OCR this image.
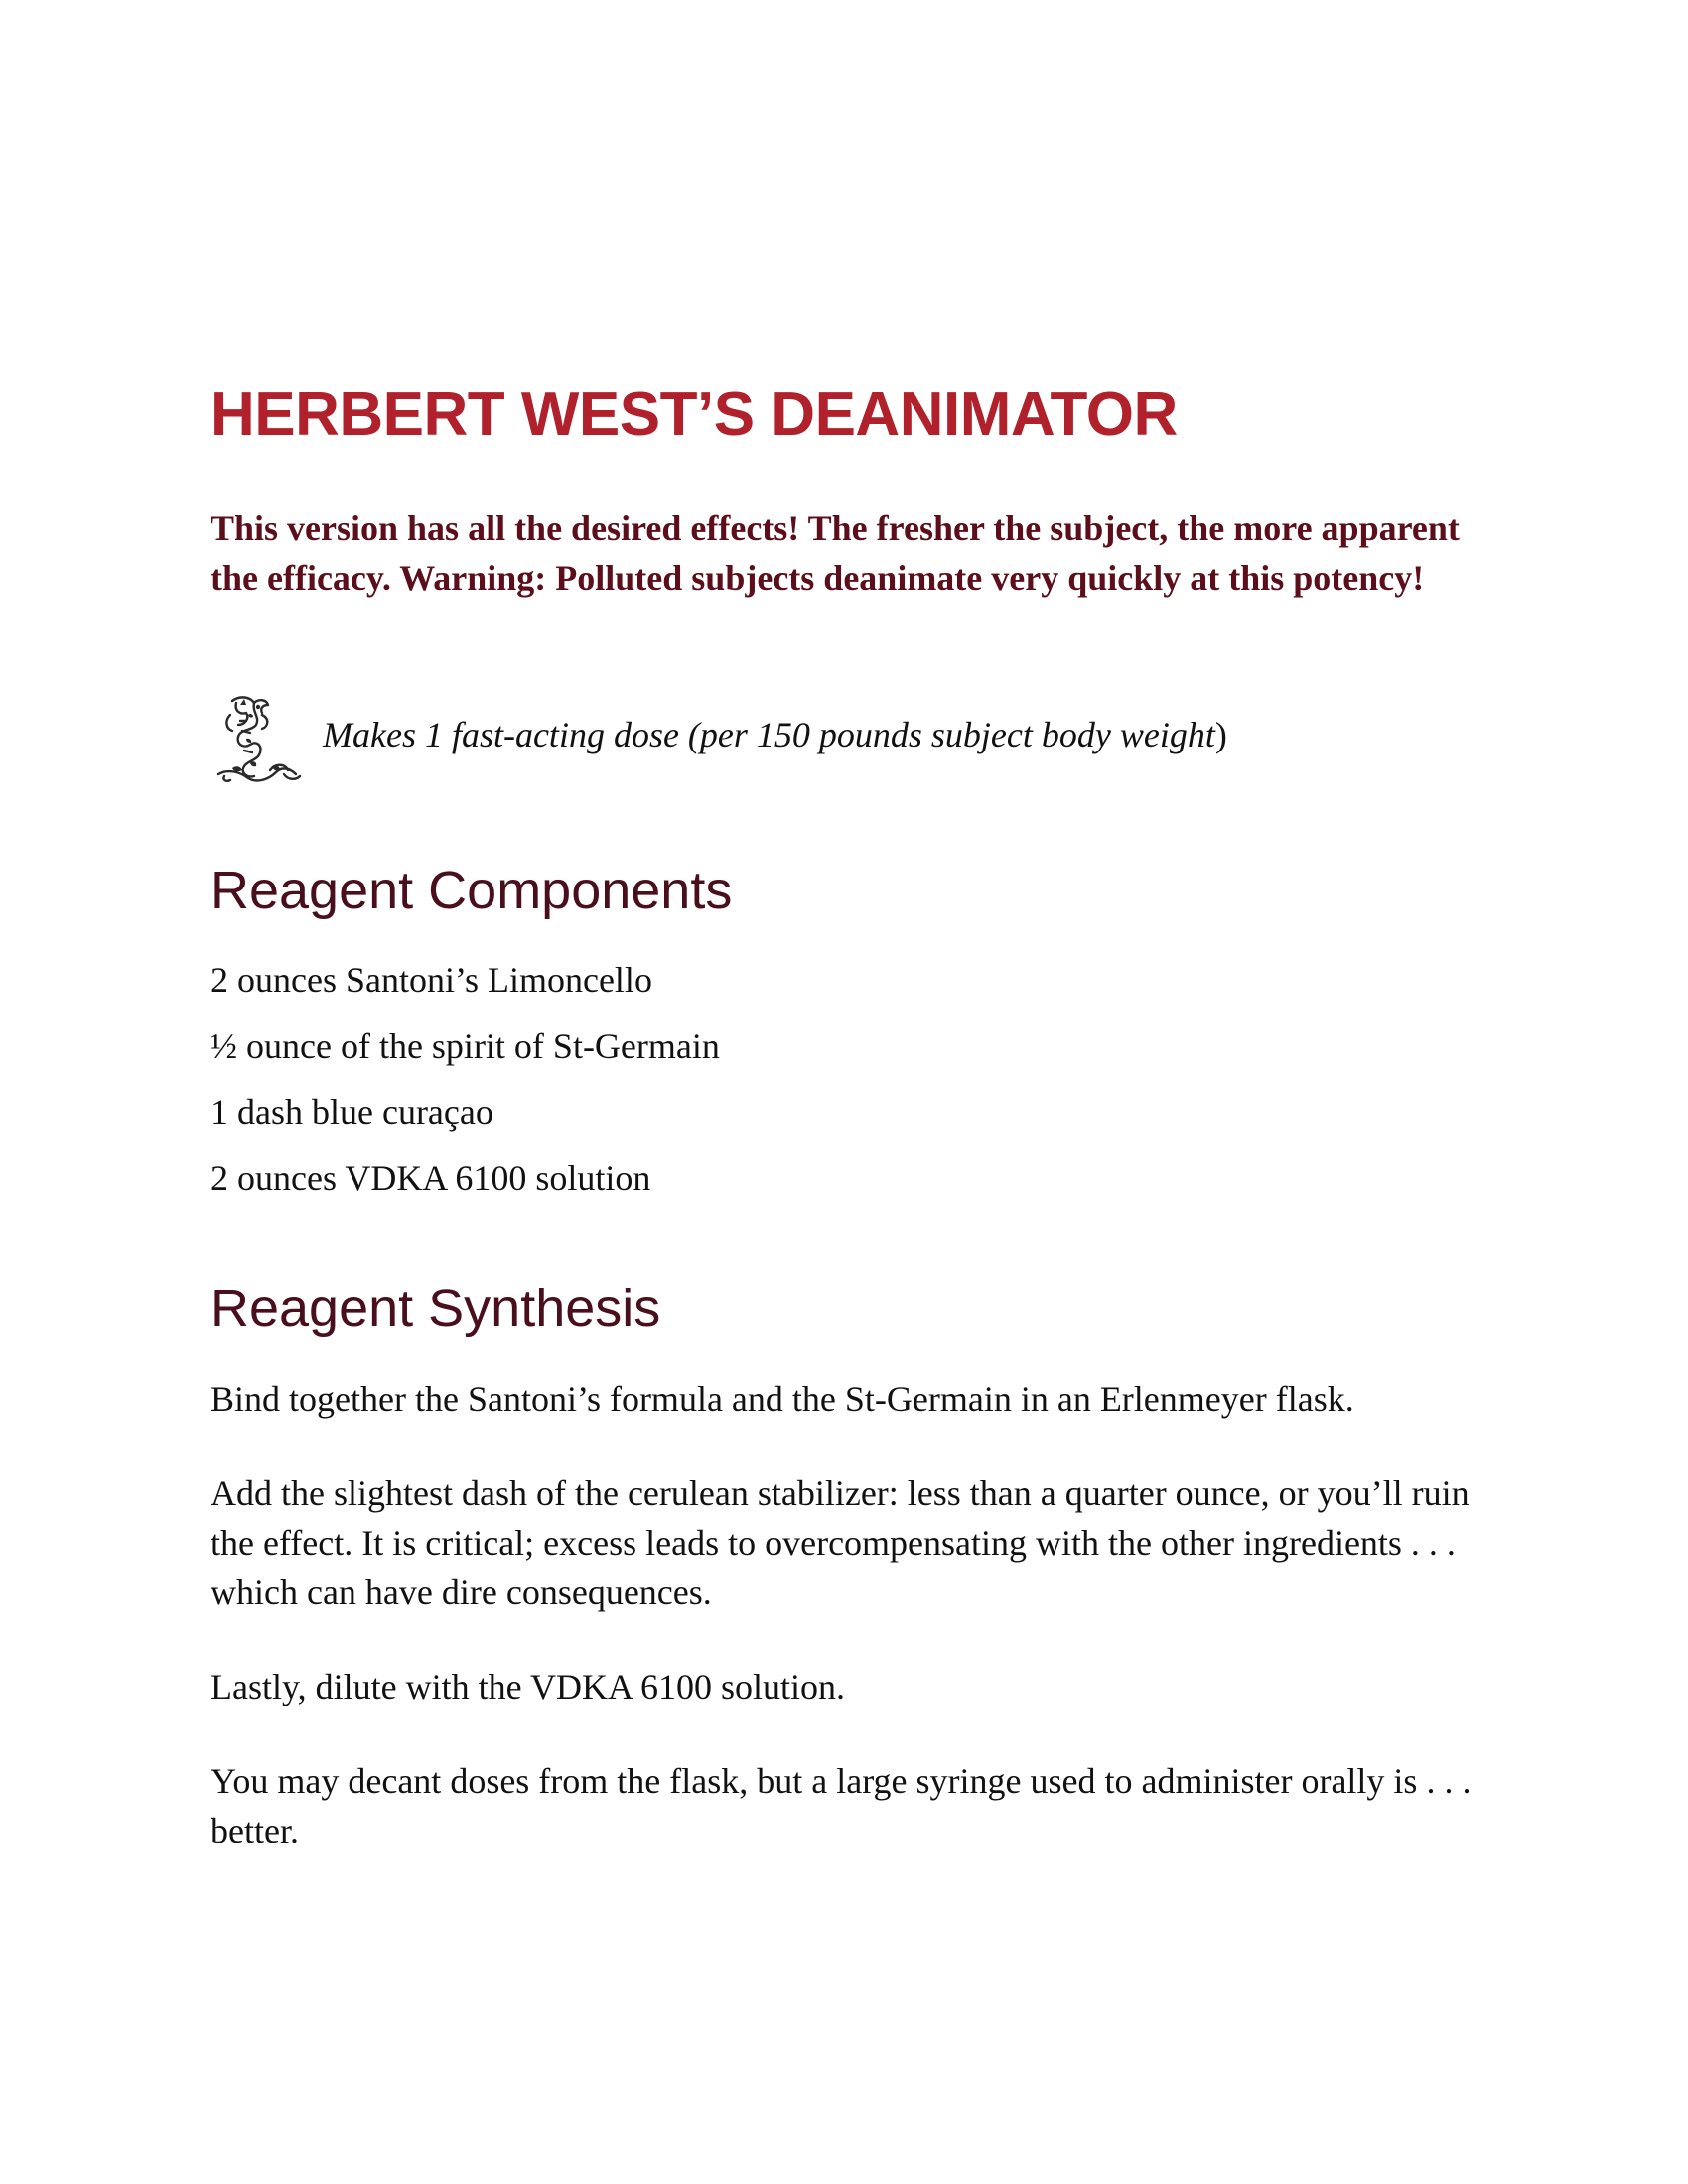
HERBERT WEST’S DEANIMATOR

This version has all the desired effects! The fresher the subject, the more apparent the efficacy. Warning: Polluted subjects deanimate very quickly at this potency!

Makes 1 fast-acting dose (per 150 pounds subject body weight)

Reagent Components
2 ounces Santoni’s Limoncello
½ ounce of the spirit of St-Germain
1 dash blue curaçao
2 ounces VDKA 6100 solution
Reagent Synthesis

Bind together the Santoni’s formula and the St-Germain in an Erlenmeyer flask.

Add the slightest dash of the cerulean stabilizer: less than a quarter ounce, or you’ll ruin the effect. It is critical; excess leads to overcompensating with the other ingredients . . . which can have dire consequences.

Lastly, dilute with the VDKA 6100 solution.

You may decant doses from the flask, but a large syringe used to administer orally is . . . better.
